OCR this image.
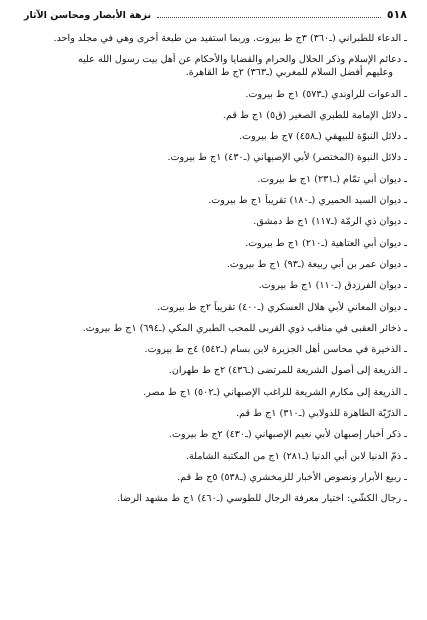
٥١٨
نزهة الأبصار ومحاسن الآثار
ـ الدعاء للطبراني (ـ٣٦٠) ٣ج ط بيروت. وربما استفيد من طبعة أخرى وهي في مجلد واحد.
ـ دعائم الإسلام وذكر الحلال والحرام والقضايا والأحكام عن أهل بيت رسول الله عليه
وعليهم أفضل السلام للمغربي (ـ٣٦٣) ٢ج ط القاهرة.
ـ الدعوات للراوندي (ـ٥٧٣) ١ج ط بيروت.
ـ دلائل الإمامة للطبري الصغير (ق٥) ١ج ط قم.
ـ دلائل النبوّة للبيهقي (ـ٤٥٨) ٧ج ط بيروت.
ـ دلائل النبوة (المختصر) لأبي الإصبهاني (ـ٤٣٠) ١ج ط بيروت.
ـ ديوان أبي تمّام (ـ٢٣١) ١ج ط بيروت.
ـ ديوان السيد الحميري (ـ١٨٠) تقريباً ١ج ط بيروت.
ـ ديوان ذي الرمّة (ـ١١٧) ١ج ط دمشق.
ـ ديوان أبي العتاهية (ـ٢١٠) ١ج ط بيروت.
ـ ديوان عمر بن أبي ربيعة (ـ٩٣) ١ج ط بيروت.
ـ ديوان الفرزدق (ـ١١٠) ١ج ط بيروت.
ـ ديوان المعاني لأبي هلال العسكري (ـ٤٠٠) تقريباً ٢ج ط بيروت.
ـ ذخائر العقبى في مناقب ذوي القربى للمحب الطبري المكي (ـ٦٩٤) ١ج ط بيروت.
ـ الذخيرة في محاسن أهل الجزيرة لابن بسام (ـ٥٤٢) ٤ج ط بيروت.
ـ الذريعة إلى أصول الشريعة للمرتضى (ـ٤٣٦) ٢ج ط طهران.
ـ الذريعة إلى مكارم الشريعة للراغب الإصبهاني (ـ٥٠٢) ١ج ط مصر.
ـ الذرّيّة الطاهرة للدولابي (ـ٣١٠) ١ج ط قم.
ـ ذكر أخبار إصبهان لأبي نعيم الإصبهاني (ـ٤٣٠) ٢ج ط بيروت.
ـ ذمّ الدنيا لابن أبي الدنيا (ـ٢٨١) ١ج من المكتبة الشاملة.
ـ ربيع الأبرار ونصوص الأخبار للزمخشري (ـ٥٣٨) ٥ج ط قم.
ـ رجال الكشّي: اختيار معرفة الرجال للطوسي (ـ٤٦٠) ١ج ط مشهد الرضا.
